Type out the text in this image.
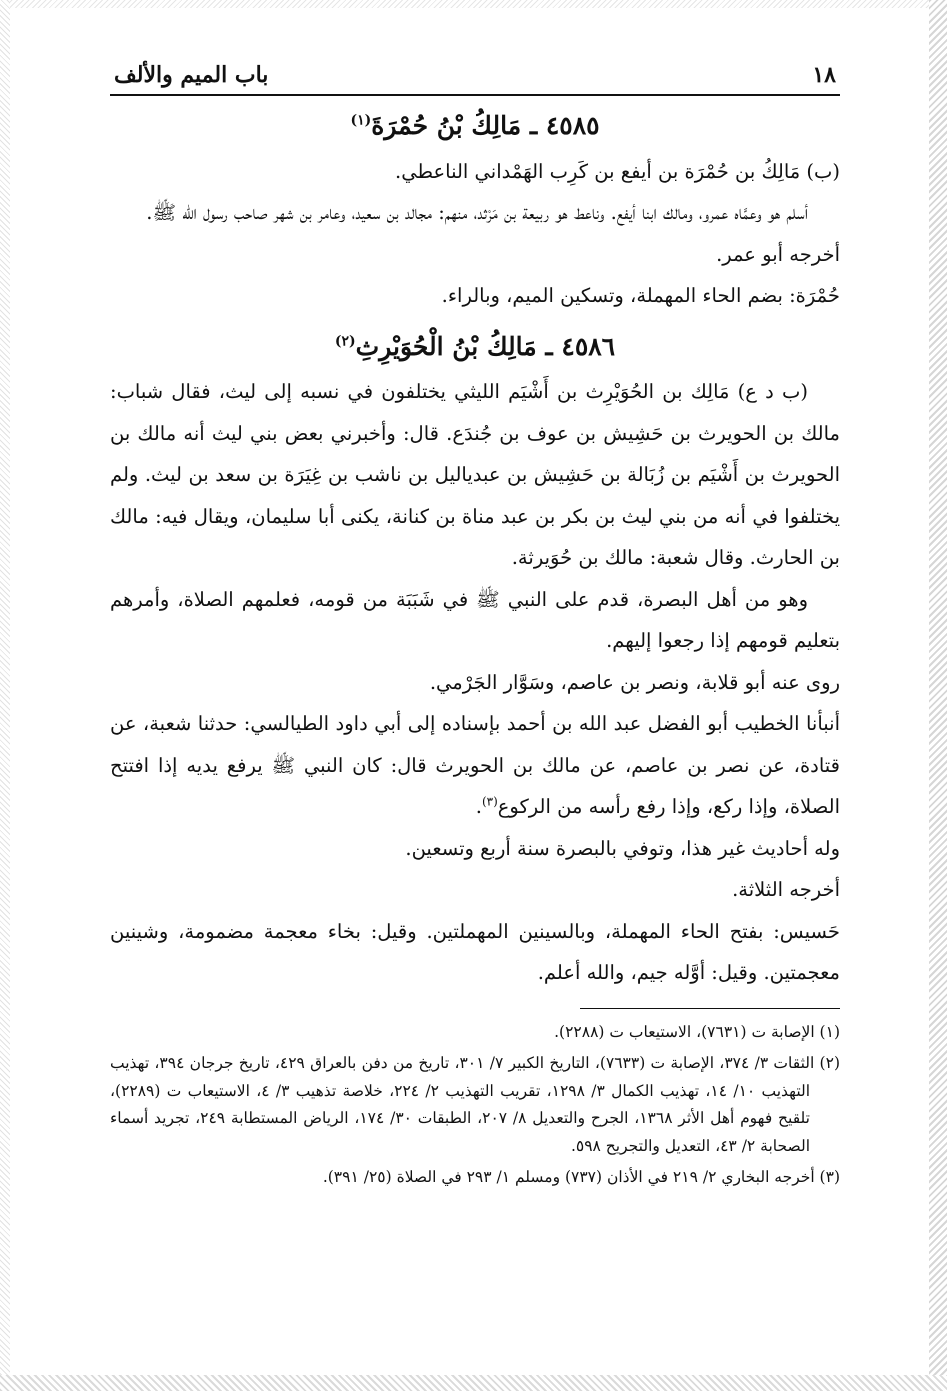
١٨
باب الميم والألف
٤٥٨٥ ـ مَالِكُ بْنُ حُمْرَةَ$^{(١)}$

(ب) مَالِكُ بن حُمْرَة بن أيفع بن كَرِب الهَمْداني الناعطي.

أسلم هو وعمَّاه عمرو، ومالك ابنا أيفع. وناعط هو ربيعة بن مَرْثد، منهم: مجالد بن سعيد، وعامر بن شهر صاحب رسول الله ﷺ.

أخرجه أبو عمر.

حُمْرَة: بضم الحاء المهملة، وتسكين الميم، وبالراء.

٤٥٨٦ ـ مَالِكُ بْنُ الْحُوَيْرِثِ$^{(٢)}$

(ب د ع) مَالِك بن الحُوَيْرِث بن أَشْيَم الليثي يختلفون في نسبه إلى ليث، فقال شباب: مالك بن الحويرث بن حَشِيش بن عوف بن جُندَع. قال: وأخبرني بعض بني ليث أنه مالك بن الحويرث بن أَشْيَم بن زُبَالة بن حَشِيش بن عبدياليل بن ناشب بن غِيَرَة بن سعد بن ليث. ولم يختلفوا في أنه من بني ليث بن بكر بن عبد مناة بن كنانة، يكنى أبا سليمان، ويقال فيه: مالك بن الحارث. وقال شعبة: مالك بن حُوَيرثة.

وهو من أهل البصرة، قدم على النبي ﷺ في شَبَبَة من قومه، فعلمهم الصلاة، وأمرهم بتعليم قومهم إذا رجعوا إليهم.

روى عنه أبو قلابة، ونصر بن عاصم، وسَوَّار الجَرْمي.

أنبأنا الخطيب أبو الفضل عبد الله بن أحمد بإسناده إلى أبي داود الطيالسي: حدثنا شعبة، عن قتادة، عن نصر بن عاصم، عن مالك بن الحويرث قال: كان النبي ﷺ يرفع يديه إذا افتتح الصلاة، وإذا ركع، وإذا رفع رأسه من الركوع$^{(٣)}$.

وله أحاديث غير هذا، وتوفي بالبصرة سنة أربع وتسعين.

أخرجه الثلاثة.

حَسيس: بفتح الحاء المهملة، وبالسينين المهملتين. وقيل: بخاء معجمة مضمومة، وشينين معجمتين. وقيل: أوَّله جيم، والله أعلم.

(١) الإصابة ت (٧٦٣١)، الاستيعاب ت (٢٢٨٨).

(٢) الثقات ٣/ ٣٧٤، الإصابة ت (٧٦٣٣)، التاريخ الكبير ٧/ ٣٠١، تاريخ من دفن بالعراق ٤٢٩، تاريخ جرجان ٣٩٤، تهذيب التهذيب ١٠/ ١٤، تهذيب الكمال ٣/ ١٢٩٨، تقريب التهذيب ٢/ ٢٢٤، خلاصة تذهيب ٣/ ٤، الاستيعاب ت (٢٢٨٩)، تلقيح فهوم أهل الأثر ١٣٦٨، الجرح والتعديل ٨/ ٢٠٧، الطبقات ٣٠/ ١٧٤، الرياض المستطابة ٢٤٩، تجريد أسماء الصحابة ٢/ ٤٣، التعديل والتجريح ٥٩٨.

(٣) أخرجه البخاري ٢/ ٢١٩ في الأذان (٧٣٧) ومسلم ١/ ٢٩٣ في الصلاة (٢٥/ ٣٩١).
